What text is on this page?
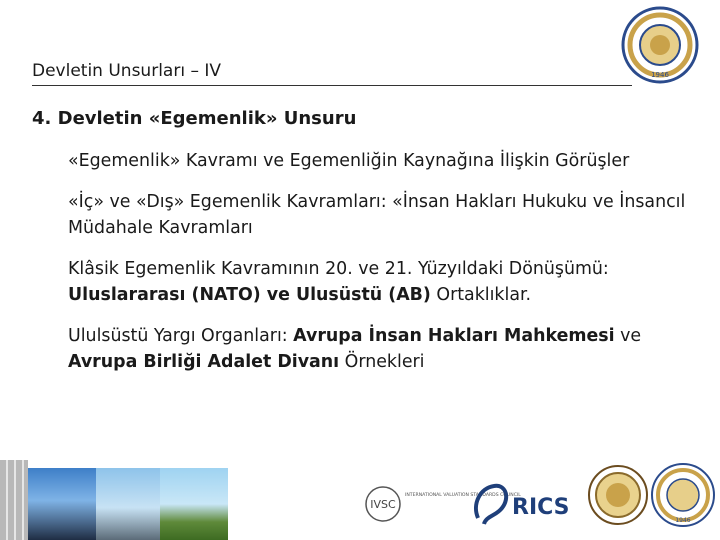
Devletin Unsurları – IV	1946
4. Devletin «Egemenlik» Unsuru
«Egemenlik» Kavramı ve Egemenliğin Kaynağına İlişkin Görüşler
«İç» ve «Dış» Egemenlik Kavramları: «İnsan Hakları Hukuku ve İnsancıl Müdahale Kavramları
Klâsik Egemenlik Kavramının 20. ve 21. Yüzyıldaki Dönüşümü: Uluslararası (NATO) ve Ulusüstü (AB) Ortaklıklar.
Ululsüstü Yargı Organları: Avrupa İnsan Hakları Mahkemesi ve Avrupa Birliği Adalet Divanı Örnekleri
IVSC
INTERNATIONAL VALUATION STANDARDS COUNCIL
RICS
1946
